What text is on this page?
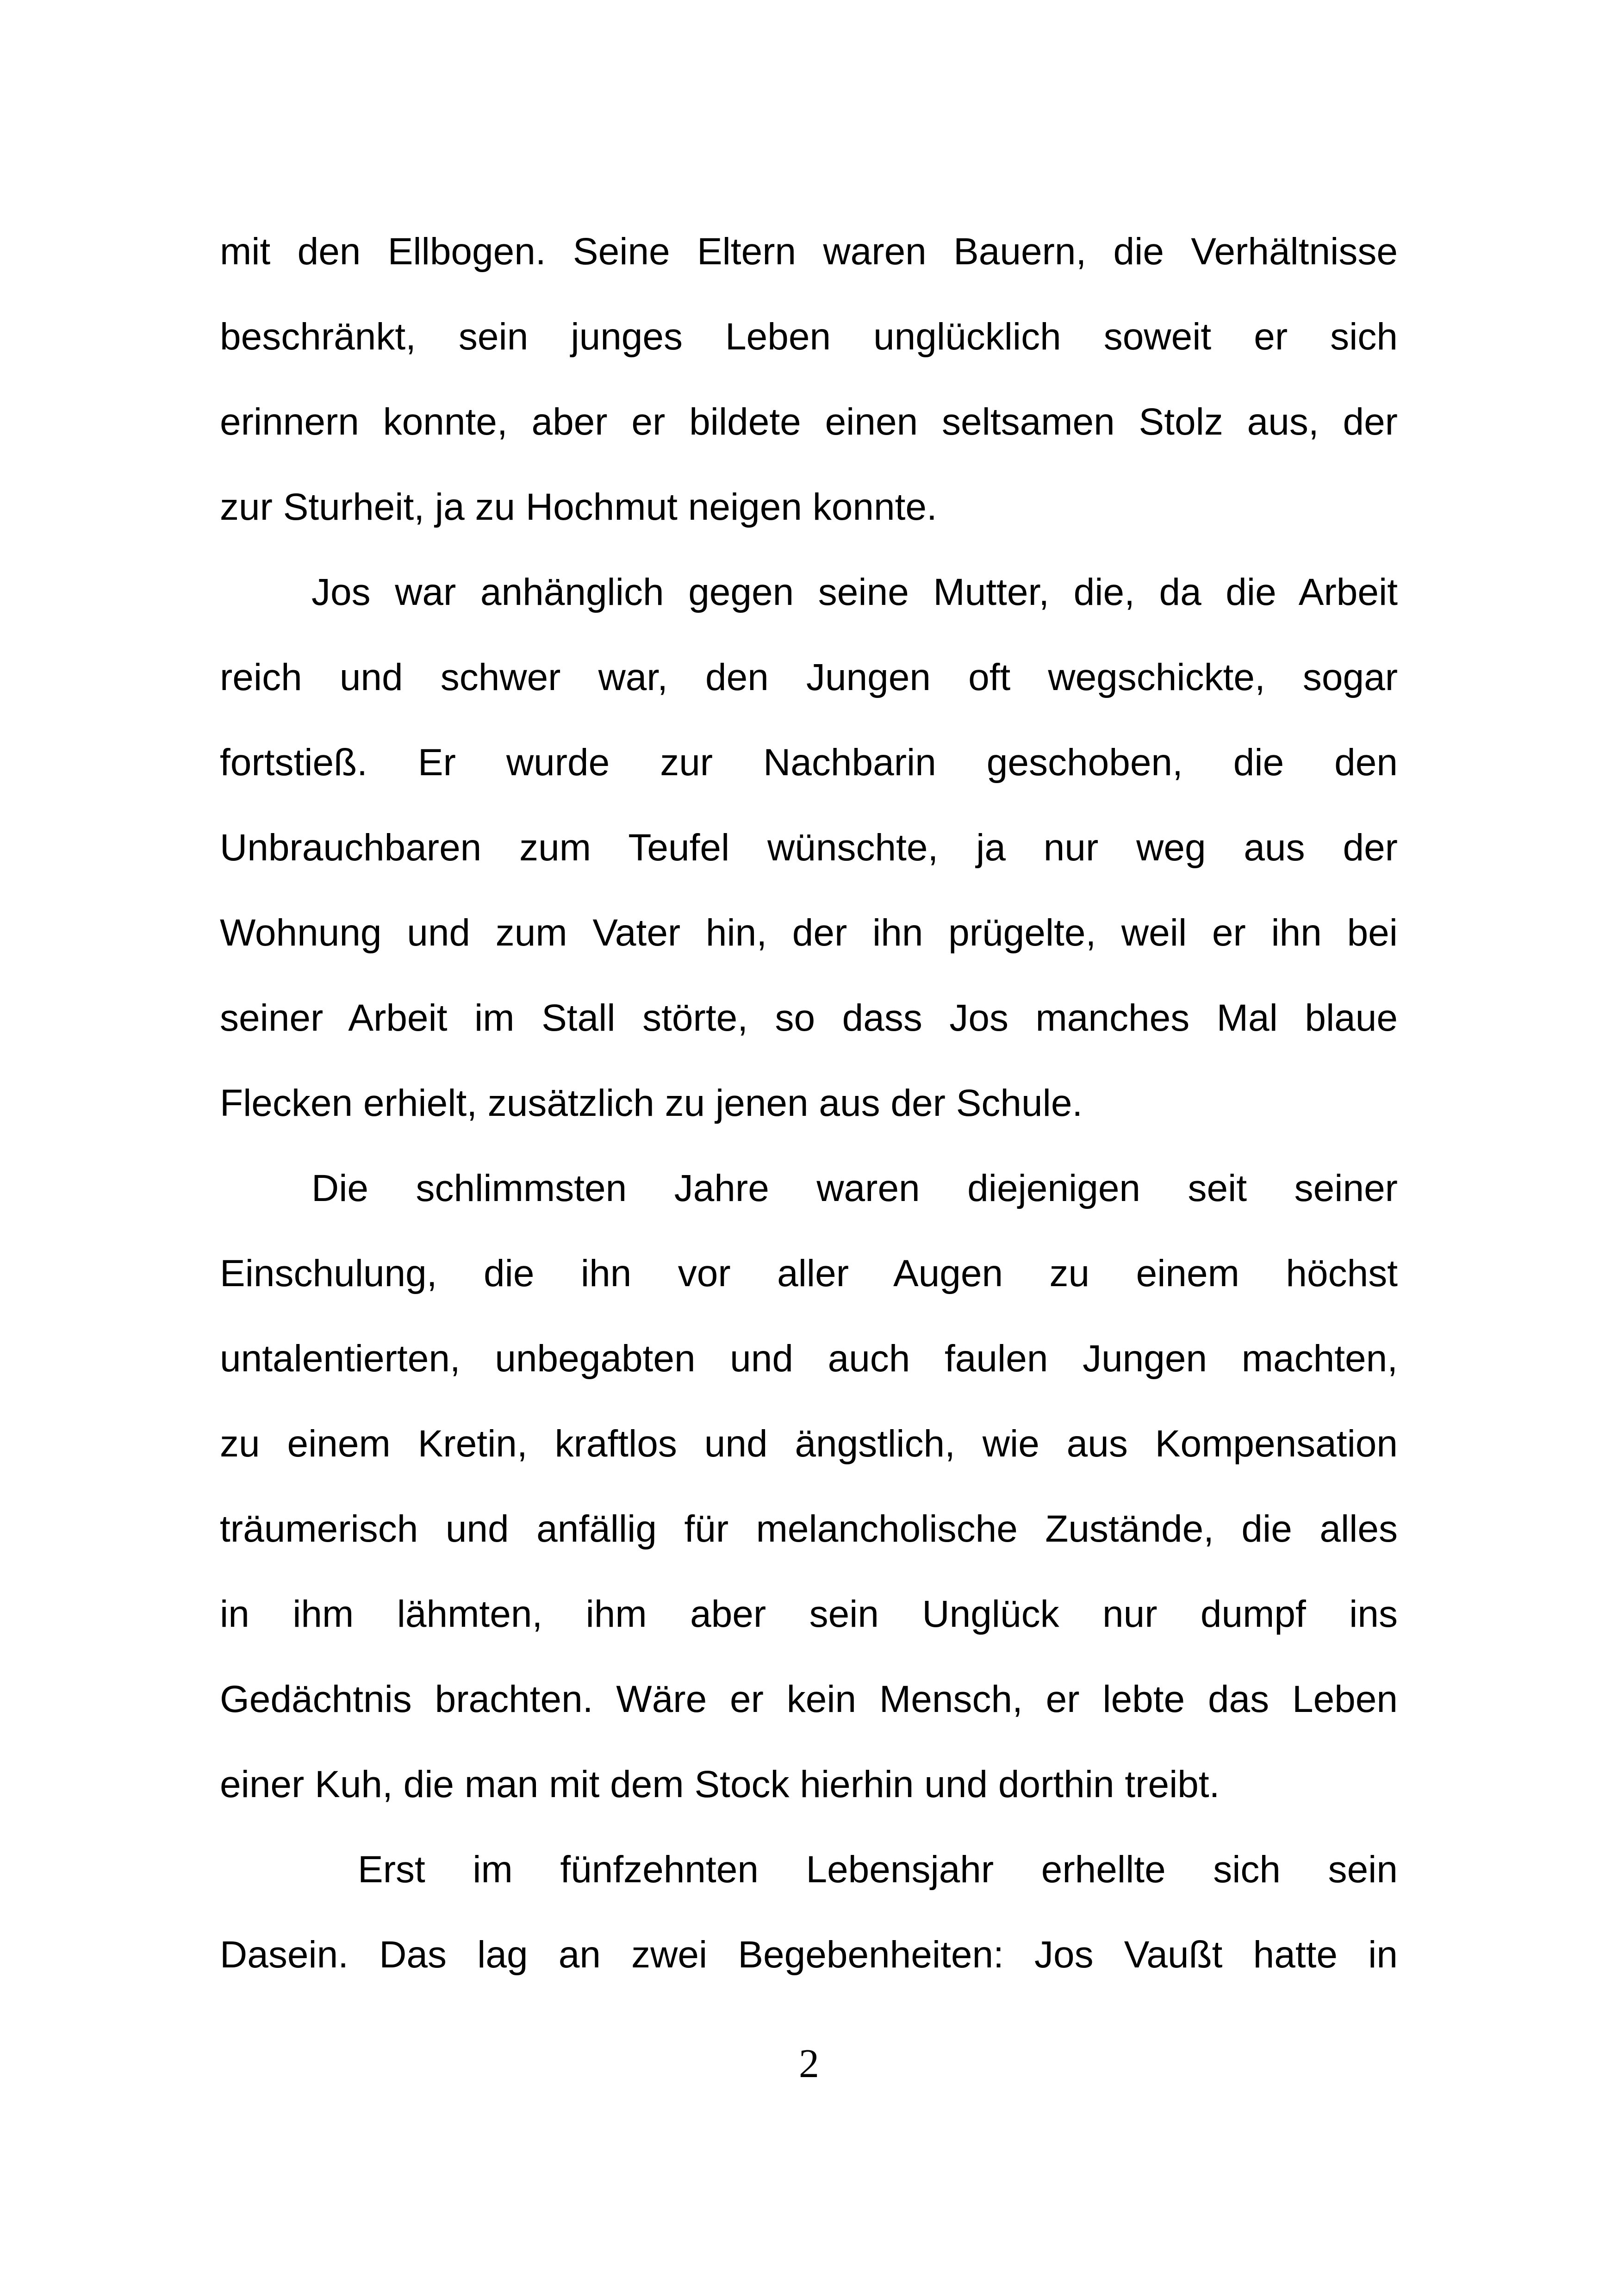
mit den Ellbogen. Seine Eltern waren Bauern, die Verhältnisse
beschränkt, sein junges Leben unglücklich soweit er sich
erinnern konnte, aber er bildete einen seltsamen Stolz aus, der
zur Sturheit, ja zu Hochmut neigen konnte.
Jos war anhänglich gegen seine Mutter, die, da die Arbeit
reich und schwer war, den Jungen oft wegschickte, sogar
fortstieß. Er wurde zur Nachbarin geschoben, die den
Unbrauchbaren zum Teufel wünschte, ja nur weg aus der
Wohnung und zum Vater hin, der ihn prügelte, weil er ihn bei
seiner Arbeit im Stall störte, so dass Jos manches Mal blaue
Flecken erhielt, zusätzlich zu jenen aus der Schule.
Die schlimmsten Jahre waren diejenigen seit seiner
Einschulung, die ihn vor aller Augen zu einem höchst
untalentierten, unbegabten und auch faulen Jungen machten,
zu einem Kretin, kraftlos und ängstlich, wie aus Kompensation
träumerisch und anfällig für melancholische Zustände, die alles
in ihm lähmten, ihm aber sein Unglück nur dumpf ins
Gedächtnis brachten. Wäre er kein Mensch, er lebte das Leben
einer Kuh, die man mit dem Stock hierhin und dorthin treibt.
Erst im fünfzehnten Lebensjahr erhellte sich sein
Dasein. Das lag an zwei Begebenheiten: Jos Vaußt hatte in
2
